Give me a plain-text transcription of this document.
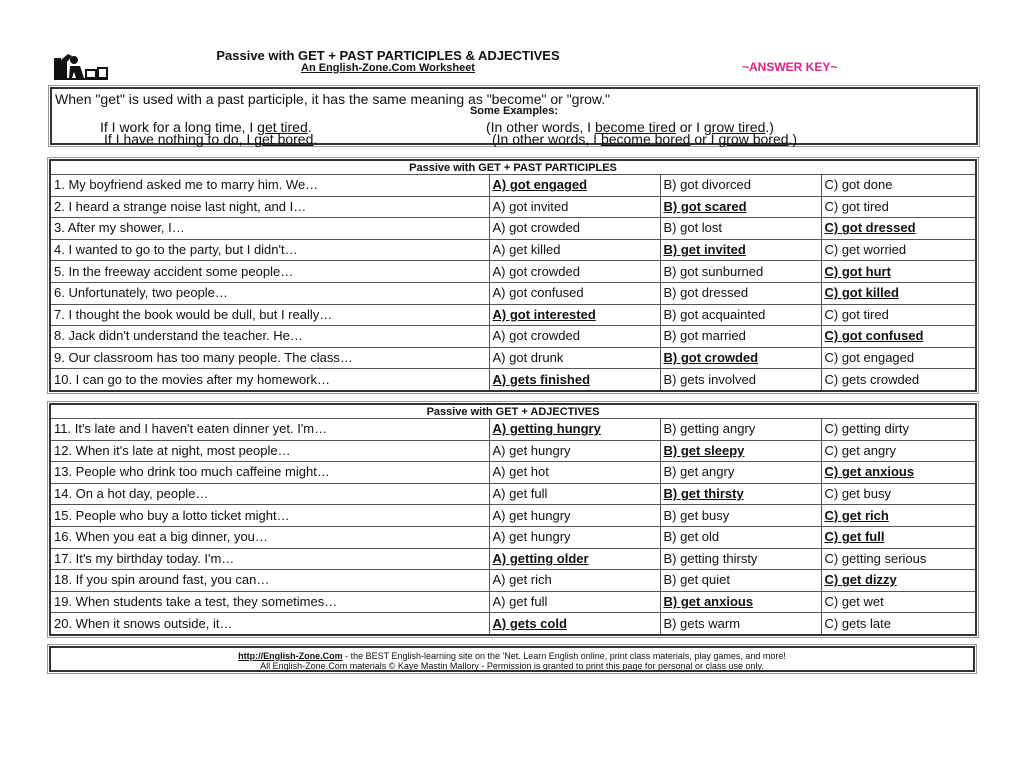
Passive with GET + PAST PARTICIPLES & ADJECTIVES
An English-Zone.Com Worksheet	~ANSWER KEY~
When "get" is used with a past participle, it has the same meaning as "become" or "grow."
Some Examples:
If I work for a long time, I get tired.
If I have nothing to do, I get bored.
(In other words, I become tired or I grow tired.)
(In other words, I become bored or I grow bored.)
Passive with GET + PAST PARTICIPLES			
1. My boyfriend asked me to marry him. We…	A) got engaged	B) got divorced	C) got done
2. I heard a strange noise last night, and I…	A) got invited	B) got scared	C) got tired
3. After my shower, I…	A) got crowded	B) got lost	C) got dressed
4. I wanted to go to the party, but I didn't…	A) get killed	B) get invited	C) get worried
5. In the freeway accident some people…	A) got crowded	B) got sunburned	C) got hurt
6. Unfortunately, two people…	A) got confused	B) got dressed	C) got killed
7. I thought the book would be dull, but I really…	A) got interested	B) got acquainted	C) got tired
8. Jack didn't understand the teacher. He…	A) got crowded	B) got married	C) got confused
9. Our classroom has too many people. The class…	A) got drunk	B) got crowded	C) got engaged
10. I can go to the movies after my homework…	A) gets finished	B) gets involved	C) gets crowded
Passive with GET + ADJECTIVES			
11. It's late and I haven't eaten dinner yet. I'm…	A) getting hungry	B) getting angry	C) getting dirty
12. When it's late at night, most people…	A) get hungry	B) get sleepy	C) get angry
13. People who drink too much caffeine might…	A) get hot	B) get angry	C) get anxious
14. On a hot day, people…	A) get full	B) get thirsty	C) get busy
15. People who buy a lotto ticket might…	A) get hungry	B) get busy	C) get rich
16. When you eat a big dinner, you…	A) get hungry	B) get old	C) get full
17. It's my birthday today. I'm…	A) getting older	B) getting thirsty	C) getting serious
18. If you spin around fast, you can…	A) get rich	B) get quiet	C) get dizzy
19. When students take a test, they sometimes…	A) get full	B) get anxious	C) get wet
20. When it snows outside, it…	A) gets cold	B) gets warm	C) gets late
http://English-Zone.Com - the BEST English-learning site on the 'Net. Learn English online, print class materials, play games, and more!
All English-Zone.Com materials © Kaye Mastin Mallory - Permission is granted to print this page for personal or class use only.
